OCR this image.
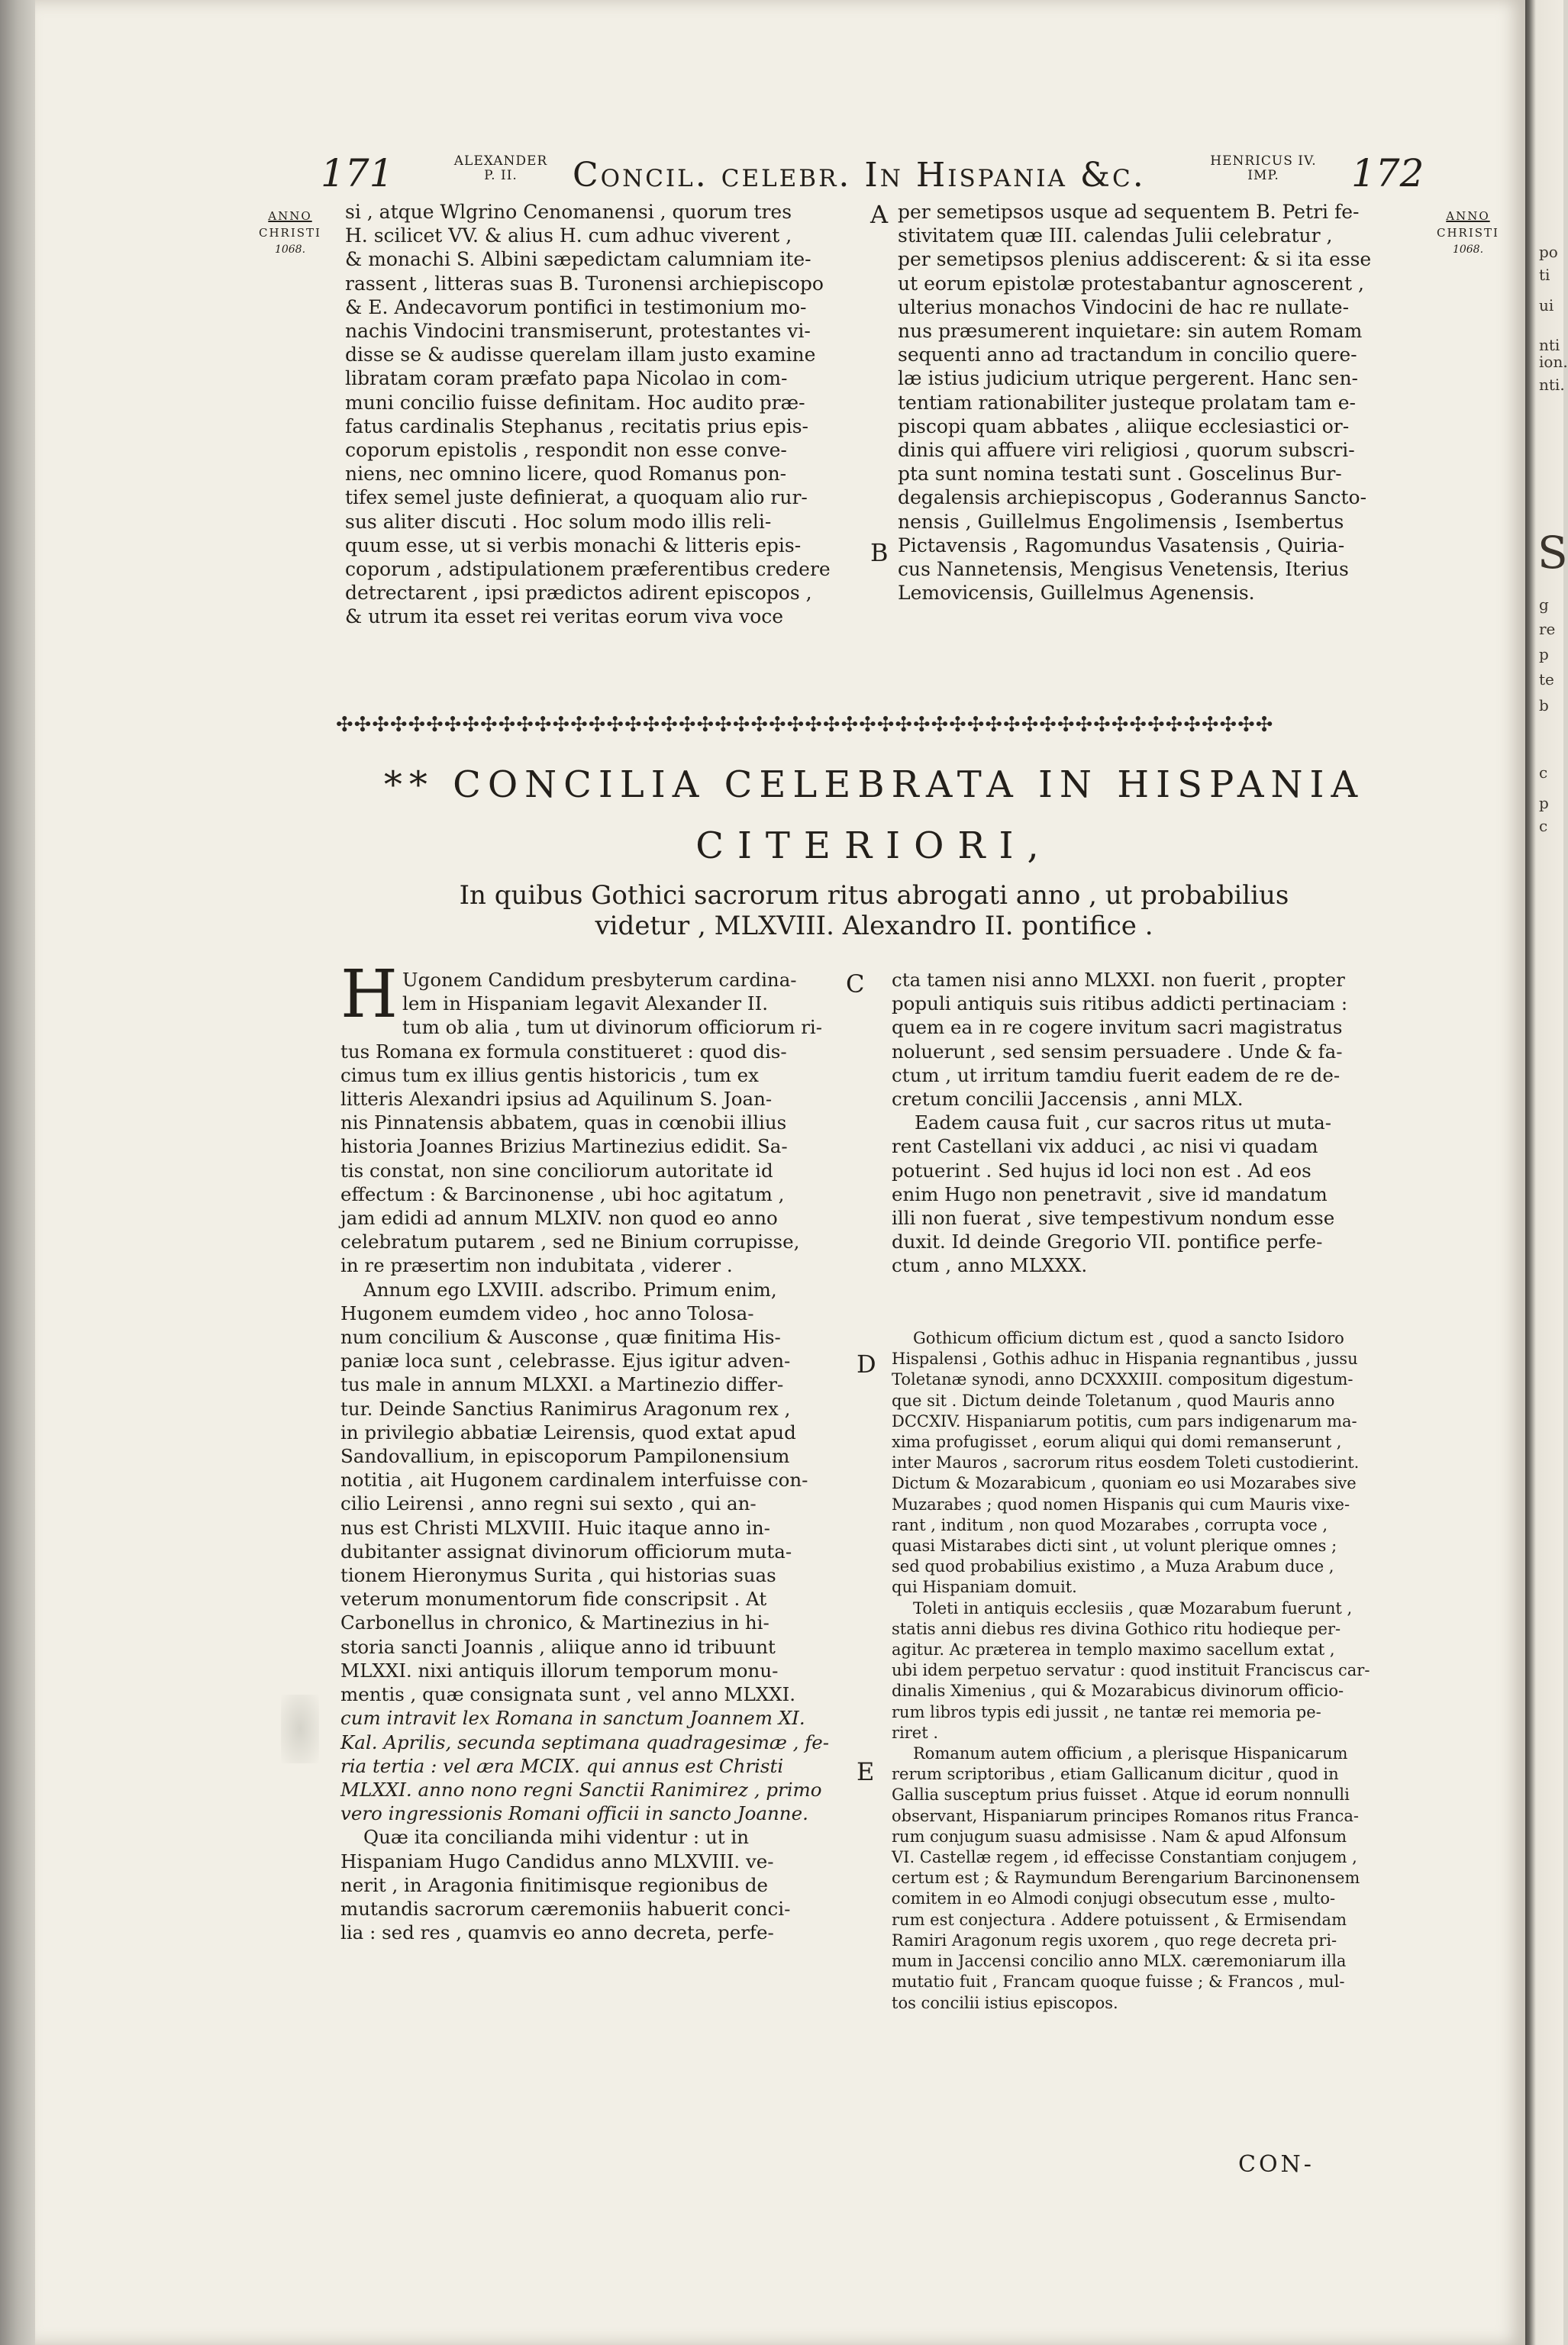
po
ti
ui
nti
ion.
nti.
S
g
re
p
te
b
c
p
c
171	ALEXANDER
P. II.	Concil. celebr. In Hispania &c.	HENRICUS IV.
IMP.	172
ANNO
CHRISTI
1068.
ANNO
CHRISTI
1068.
A
B
C
D
E
si , atque Wlgrino Cenomanensi , quorum tres
H. scilicet VV. & alius H. cum adhuc viverent ,
& monachi S. Albini sæpedictam calumniam ite-
rassent , litteras suas B. Turonensi archiepiscopo
& E. Andecavorum pontifici in testimonium mo-
nachis Vindocini transmiserunt, protestantes vi-
disse se & audisse querelam illam justo examine
libratam coram præfato papa Nicolao in com-
muni concilio fuisse definitam. Hoc audito præ-
fatus cardinalis Stephanus , recitatis prius epis-
coporum epistolis , respondit non esse conve-
niens, nec omnino licere, quod Romanus pon-
tifex semel juste definierat, a quoquam alio rur-
sus aliter discuti . Hoc solum modo illis reli-
quum esse, ut si verbis monachi & litteris epis-
coporum , adstipulationem præferentibus credere
detrectarent , ipsi prædictos adirent episcopos ,
& utrum ita esset rei veritas eorum viva voce
per semetipsos usque ad sequentem B. Petri fe-
stivitatem quæ III. calendas Julii celebratur ,
per semetipsos plenius addiscerent: & si ita esse
ut eorum epistolæ protestabantur agnoscerent ,
ulterius monachos Vindocini de hac re nullate-
nus præsumerent inquietare: sin autem Romam
sequenti anno ad tractandum in concilio quere-
læ istius judicium utrique pergerent. Hanc sen-
tentiam rationabiliter justeque prolatam tam e-
piscopi quam abbates , aliique ecclesiastici or-
dinis qui affuere viri religiosi , quorum subscri-
pta sunt nomina testati sunt . Goscelinus Bur-
degalensis archiepiscopus , Goderannus Sancto-
nensis , Guillelmus Engolimensis , Isembertus
Pictavensis , Ragomundus Vasatensis , Quiria-
cus Nannetensis, Mengisus Venetensis, Iterius
Lemovicensis, Guillelmus Agenensis.
✣✣✣✣✣✣✣✣✣✣✣✣✣✣✣✣✣✣✣✣✣✣✣✣✣✣✣✣✣✣✣✣✣✣✣✣✣✣✣✣✣✣✣✣✣✣✣✣✣✣✣✣
** CONCILIA CELEBRATA IN HISPANIA
CITERIORI,
In quibus Gothici sacrorum ritus abrogati anno , ut probabilius
videtur , MLXVIII. Alexandro II. pontifice .
H Ugonem Candidum presbyterum cardina-
lem in Hispaniam legavit Alexander II.
tum ob alia , tum ut divinorum officiorum ri-
tus Romana ex formula constitueret : quod dis-
cimus tum ex illius gentis historicis , tum ex
litteris Alexandri ipsius ad Aquilinum S. Joan-
nis Pinnatensis abbatem, quas in cœnobii illius
historia Joannes Brizius Martinezius edidit. Sa-
tis constat, non sine conciliorum autoritate id
effectum : & Barcinonense , ubi hoc agitatum ,
jam edidi ad annum MLXIV. non quod eo anno
celebratum putarem , sed ne Binium corrupisse,
in re præsertim non indubitata , viderer .
Annum ego LXVIII. adscribo. Primum enim,
Hugonem eumdem video , hoc anno Tolosa-
num concilium & Ausconse , quæ finitima His-
paniæ loca sunt , celebrasse. Ejus igitur adven-
tus male in annum MLXXI. a Martinezio differ-
tur. Deinde Sanctius Ranimirus Aragonum rex ,
in privilegio abbatiæ Leirensis, quod extat apud
Sandovallium, in episcoporum Pampilonensium
notitia , ait Hugonem cardinalem interfuisse con-
cilio Leirensi , anno regni sui sexto , qui an-
nus est Christi MLXVIII. Huic itaque anno in-
dubitanter assignat divinorum officiorum muta-
tionem Hieronymus Surita , qui historias suas
veterum monumentorum fide conscripsit . At
Carbonellus in chronico, & Martinezius in hi-
storia sancti Joannis , aliique anno id tribuunt
MLXXI. nixi antiquis illorum temporum monu-
mentis , quæ consignata sunt , vel anno MLXXI.
cum intravit lex Romana in sanctum Joannem XI.
Kal. Aprilis, secunda septimana quadragesimæ , fe-
ria tertia : vel æra MCIX. qui annus est Christi
MLXXI. anno nono regni Sanctii Ranimirez , primo
vero ingressionis Romani officii in sancto Joanne.
Quæ ita concilianda mihi videntur : ut in
Hispaniam Hugo Candidus anno MLXVIII. ve-
nerit , in Aragonia finitimisque regionibus de
mutandis sacrorum cæremoniis habuerit conci-
lia : sed res , quamvis eo anno decreta, perfe-
cta tamen nisi anno MLXXI. non fuerit , propter
populi antiquis suis ritibus addicti pertinaciam :
quem ea in re cogere invitum sacri magistratus
noluerunt , sed sensim persuadere . Unde & fa-
ctum , ut irritum tamdiu fuerit eadem de re de-
cretum concilii Jaccensis , anni MLX.
Eadem causa fuit , cur sacros ritus ut muta-
rent Castellani vix adduci , ac nisi vi quadam
potuerint . Sed hujus id loci non est . Ad eos
enim Hugo non penetravit , sive id mandatum
illi non fuerat , sive tempestivum nondum esse
duxit. Id deinde Gregorio VII. pontifice perfe-
ctum , anno MLXXX.
Gothicum officium dictum est , quod a sancto Isidoro
Hispalensi , Gothis adhuc in Hispania regnantibus , jussu
Toletanæ synodi, anno DCXXXIII. compositum digestum-
que sit . Dictum deinde Toletanum , quod Mauris anno
DCCXIV. Hispaniarum potitis, cum pars indigenarum ma-
xima profugisset , eorum aliqui qui domi remanserunt ,
inter Mauros , sacrorum ritus eosdem Toleti custodierint.
Dictum & Mozarabicum , quoniam eo usi Mozarabes sive
Muzarabes ; quod nomen Hispanis qui cum Mauris vixe-
rant , inditum , non quod Mozarabes , corrupta voce ,
quasi Mistarabes dicti sint , ut volunt plerique omnes ;
sed quod probabilius existimo , a Muza Arabum duce ,
qui Hispaniam domuit.
Toleti in antiquis ecclesiis , quæ Mozarabum fuerunt ,
statis anni diebus res divina Gothico ritu hodieque per-
agitur. Ac præterea in templo maximo sacellum extat ,
ubi idem perpetuo servatur : quod instituit Franciscus car-
dinalis Ximenius , qui & Mozarabicus divinorum officio-
rum libros typis edi jussit , ne tantæ rei memoria pe-
riret .
Romanum autem officium , a plerisque Hispanicarum
rerum scriptoribus , etiam Gallicanum dicitur , quod in
Gallia susceptum prius fuisset . Atque id eorum nonnulli
observant, Hispaniarum principes Romanos ritus Franca-
rum conjugum suasu admisisse . Nam & apud Alfonsum
VI. Castellæ regem , id effecisse Constantiam conjugem ,
certum est ; & Raymundum Berengarium Barcinonensem
comitem in eo Almodi conjugi obsecutum esse , multo-
rum est conjectura . Addere potuissent , & Ermisendam
Ramiri Aragonum regis uxorem , quo rege decreta pri-
mum in Jaccensi concilio anno MLX. cæremoniarum illa
mutatio fuit , Francam quoque fuisse ; & Francos , mul-
tos concilii istius episcopos.
CON-
